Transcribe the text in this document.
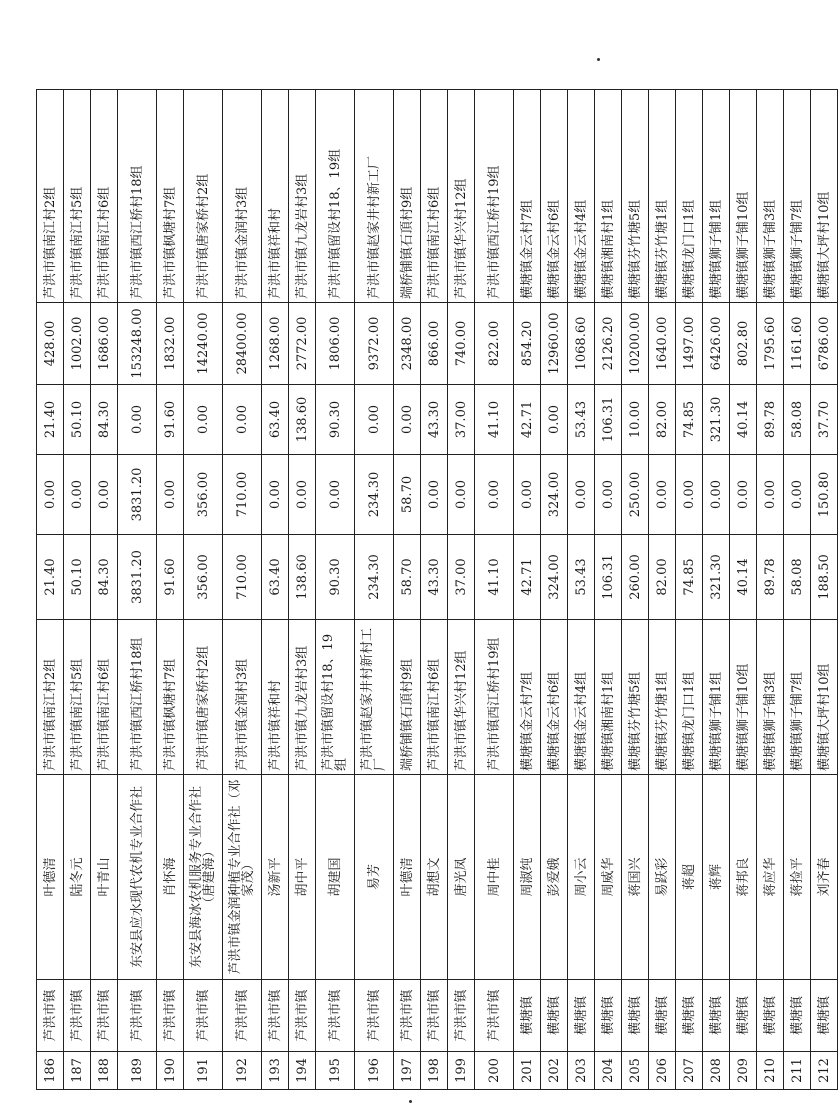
186	芦洪市镇	叶德清	芦洪市镇南江村2组	21.40	0.00	21.40	428.00	芦洪市镇南江村2组
187	芦洪市镇	陆冬元	芦洪市镇南江村5组	50.10	0.00	50.10	1002.00	芦洪市镇南江村5组
188	芦洪市镇	叶青山	芦洪市镇南江村6组	84.30	0.00	84.30	1686.00	芦洪市镇南江村6组
189	芦洪市镇	东安县应水现代农机专业合作社	芦洪市镇西江桥村18组	3831.20	3831.20	0.00	153248.00	芦洪市镇西江桥村18组
190	芦洪市镇	肖怀海	芦洪市镇枫塘村7组	91.60	0.00	91.60	1832.00	芦洪市镇枫塘村7组
191	芦洪市镇	东安县海冰农机服务专业合作社（唐建海）	芦洪市镇唐家桥村2组	356.00	356.00	0.00	14240.00	芦洪市镇唐家桥村2组
192	芦洪市镇	芦洪市镇金润种植专业合作社（邓家茂）	芦洪市镇金润村3组	710.00	710.00	0.00	28400.00	芦洪市镇金润村3组
193	芦洪市镇	汤新平	芦洪市镇祥和村	63.40	0.00	63.40	1268.00	芦洪市镇祥和村
194	芦洪市镇	胡中平	芦洪市镇九龙岩村3组	138.60	0.00	138.60	2772.00	芦洪市镇九龙岩村3组
195	芦洪市镇	胡建国	芦洪市镇留设村18、19组	90.30	0.00	90.30	1806.00	芦洪市镇留设村18、19组
196	芦洪市镇	易芳	芦洪市镇赵家井村新村工厂	234.30	234.30	0.00	9372.00	芦洪市镇赵家井村新工厂
197	芦洪市镇	叶德清	端桥铺镇石頂村9组	58.70	58.70	0.00	2348.00	端桥铺镇石頂村9组
198	芦洪市镇	胡想文	芦洪市镇南江村6组	43.30	0.00	43.30	866.00	芦洪市镇南江村6组
199	芦洪市镇	唐光凤	芦洪市镇华兴村12组	37.00	0.00	37.00	740.00	芦洪市镇华兴村12组
200	芦洪市镇	周中桂	芦洪市镇西江桥村19组	41.10	0.00	41.10	822.00	芦洪市镇西江桥村19组
201	横塘镇	周淑纯	横塘镇金云村7组	42.71	0.00	42.71	854.20	横塘镇金云村7组
202	横塘镇	彭爱娥	横塘镇金云村6组	324.00	324.00	0.00	12960.00	横塘镇金云村6组
203	横塘镇	周小云	横塘镇金云村4组	53.43	0.00	53.43	1068.60	横塘镇金云村4组
204	横塘镇	周威华	横塘镇湘南村1组	106.31	0.00	106.31	2126.20	横塘镇湘南村1组
205	横塘镇	蒋国兴	横塘镇芬竹塘5组	260.00	250.00	10.00	10200.00	横塘镇芬竹塘5组
206	横塘镇	易跃彩	横塘镇芬竹塘1组	82.00	0.00	82.00	1640.00	横塘镇芬竹塘1组
207	横塘镇	蒋超	横塘镇龙门口1组	74.85	0.00	74.85	1497.00	横塘镇龙门口1组
208	横塘镇	蒋辉	横塘镇狮子铺1组	321.30	0.00	321.30	6426.00	横塘镇狮子铺1组
209	横塘镇	蒋邦良	横塘镇狮子铺10组	40.14	0.00	40.14	802.80	横塘镇狮子铺10组
210	横塘镇	蒋应华	横塘镇狮子铺3组	89.78	0.00	89.78	1795.60	横塘镇狮子铺3组
211	横塘镇	蒋捡平	横塘镇狮子铺7组	58.08	0.00	58.08	1161.60	横塘镇狮子铺7组
212	横塘镇	刘齐春	横塘镇大坪村10组	188.50	150.80	37.70	6786.00	横塘镇大坪村10组
